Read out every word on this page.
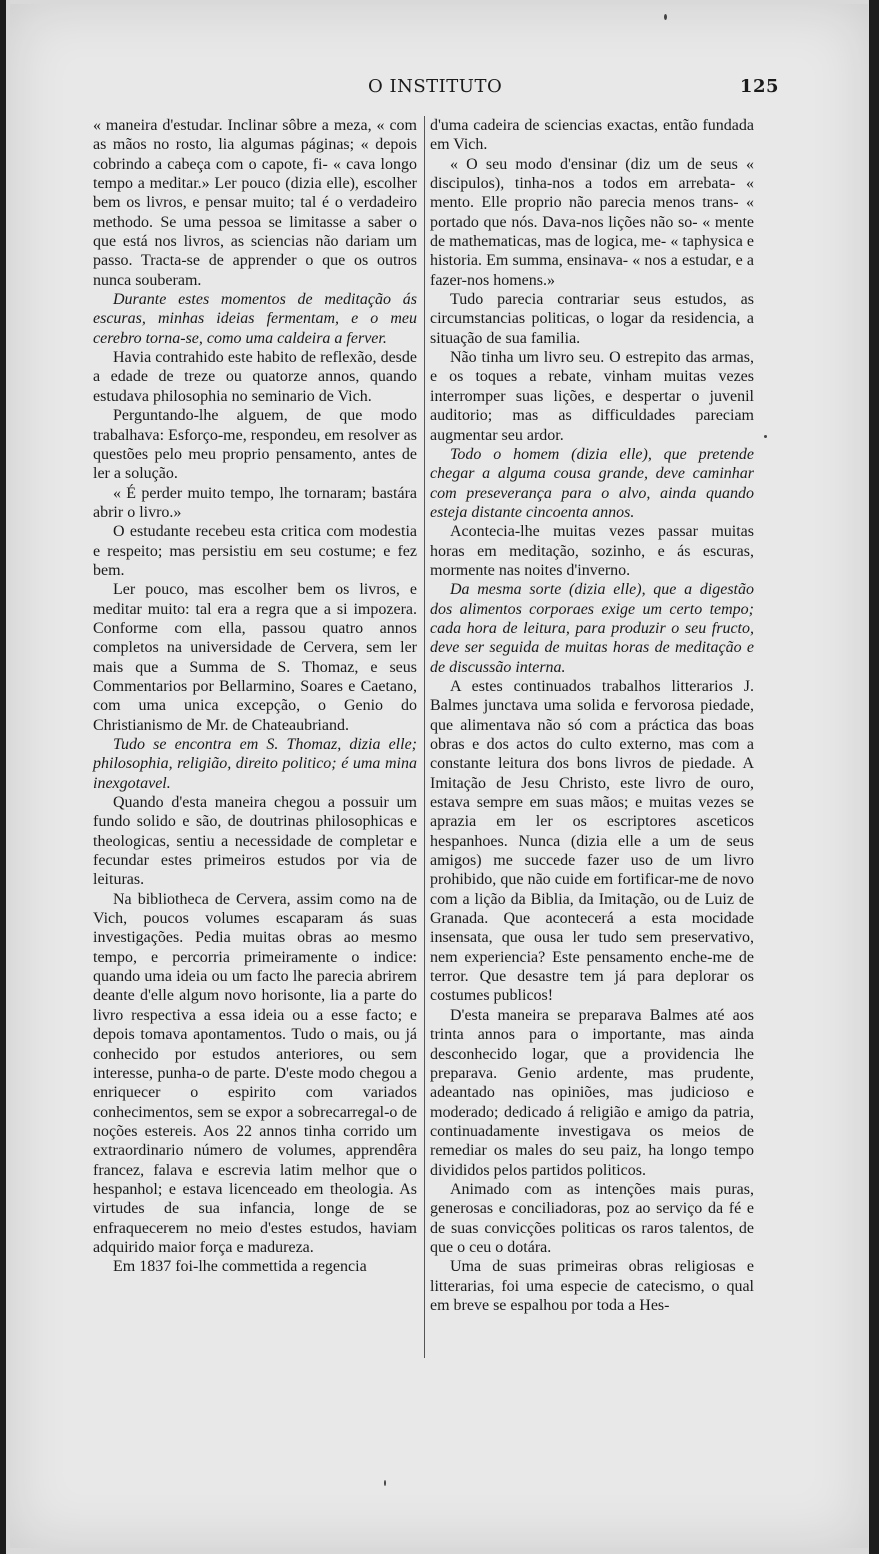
O INSTITUTO	125

« maneira d'estudar. Inclinar sôbre a meza, « com as mãos no rosto, lia algumas páginas; « depois cobrindo a cabeça com o capote, fi- « cava longo tempo a meditar.» Ler pouco (dizia elle), escolher bem os livros, e pensar muito; tal é o verdadeiro methodo. Se uma pessoa se limitasse a saber o que está nos livros, as sciencias não dariam um passo. Tracta-se de apprender o que os outros nunca souberam.

Durante estes momentos de meditação ás escuras, minhas ideias fermentam, e o meu cerebro torna-se, como uma caldeira a ferver.

Havia contrahido este habito de reflexão, desde a edade de treze ou quatorze annos, quando estudava philosophia no seminario de Vich.

Perguntando-lhe alguem, de que modo trabalhava: Esforço-me, respondeu, em resolver as questões pelo meu proprio pensamento, antes de ler a solução.

« É perder muito tempo, lhe tornaram; bastára abrir o livro.»

O estudante recebeu esta critica com modestia e respeito; mas persistiu em seu costume; e fez bem.

Ler pouco, mas escolher bem os livros, e meditar muito: tal era a regra que a si impozera. Conforme com ella, passou quatro annos completos na universidade de Cervera, sem ler mais que a Summa de S. Thomaz, e seus Commentarios por Bellarmino, Soares e Caetano, com uma unica excepção, o Genio do Christianismo de Mr. de Chateaubriand.

Tudo se encontra em S. Thomaz, dizia elle; philosophia, religião, direito politico; é uma mina inexgotavel.

Quando d'esta maneira chegou a possuir um fundo solido e são, de doutrinas philosophicas e theologicas, sentiu a necessidade de completar e fecundar estes primeiros estudos por via de leituras.

Na bibliotheca de Cervera, assim como na de Vich, poucos volumes escaparam ás suas investigações. Pedia muitas obras ao mesmo tempo, e percorria primeiramente o indice: quando uma ideia ou um facto lhe parecia abrirem deante d'elle algum novo horisonte, lia a parte do livro respectiva a essa ideia ou a esse facto; e depois tomava apontamentos. Tudo o mais, ou já conhecido por estudos anteriores, ou sem interesse, punha-o de parte. D'este modo chegou a enriquecer o espirito com variados conhecimentos, sem se expor a sobrecarregal-o de noções estereis. Aos 22 annos tinha corrido um extraordinario número de volumes, apprendêra francez, falava e escrevia latim melhor que o hespanhol; e estava licenceado em theologia. As virtudes de sua infancia, longe de se enfraquecerem no meio d'estes estudos, haviam adquirido maior força e madureza.

Em 1837 foi-lhe commettida a regencia

d'uma cadeira de sciencias exactas, então fundada em Vich.

« O seu modo d'ensinar (diz um de seus « discipulos), tinha-nos a todos em arrebata- « mento. Elle proprio não parecia menos trans- « portado que nós. Dava-nos lições não so- « mente de mathematicas, mas de logica, me- « taphysica e historia. Em summa, ensinava- « nos a estudar, e a fazer-nos homens.»

Tudo parecia contrariar seus estudos, as circumstancias politicas, o logar da residencia, a situação de sua familia.

Não tinha um livro seu. O estrepito das armas, e os toques a rebate, vinham muitas vezes interromper suas lições, e despertar o juvenil auditorio; mas as difficuldades pareciam augmentar seu ardor.

Todo o homem (dizia elle), que pretende chegar a alguma cousa grande, deve caminhar com preseverança para o alvo, ainda quando esteja distante cincoenta annos.

Acontecia-lhe muitas vezes passar muitas horas em meditação, sozinho, e ás escuras, mormente nas noites d'inverno.

Da mesma sorte (dizia elle), que a digestão dos alimentos corporaes exige um certo tempo; cada hora de leitura, para produzir o seu fructo, deve ser seguida de muitas horas de meditação e de discussão interna.

A estes continuados trabalhos litterarios J. Balmes junctava uma solida e fervorosa piedade, que alimentava não só com a práctica das boas obras e dos actos do culto externo, mas com a constante leitura dos bons livros de piedade. A Imitação de Jesu Christo, este livro de ouro, estava sempre em suas mãos; e muitas vezes se aprazia em ler os escriptores asceticos hespanhoes. Nunca (dizia elle a um de seus amigos) me succede fazer uso de um livro prohibido, que não cuide em fortificar-me de novo com a lição da Biblia, da Imitação, ou de Luiz de Granada. Que acontecerá a esta mocidade insensata, que ousa ler tudo sem preservativo, nem experiencia? Este pensamento enche-me de terror. Que desastre tem já para deplorar os costumes publicos!

D'esta maneira se preparava Balmes até aos trinta annos para o importante, mas ainda desconhecido logar, que a providencia lhe preparava. Genio ardente, mas prudente, adeantado nas opiniões, mas judicioso e moderado; dedicado á religião e amigo da patria, continuadamente investigava os meios de remediar os males do seu paiz, ha longo tempo divididos pelos partidos politicos.

Animado com as intenções mais puras, generosas e conciliadoras, poz ao serviço da fé e de suas convicções politicas os raros talentos, de que o ceu o dotára.

Uma de suas primeiras obras religiosas e litterarias, foi uma especie de catecismo, o qual em breve se espalhou por toda a Hes-
